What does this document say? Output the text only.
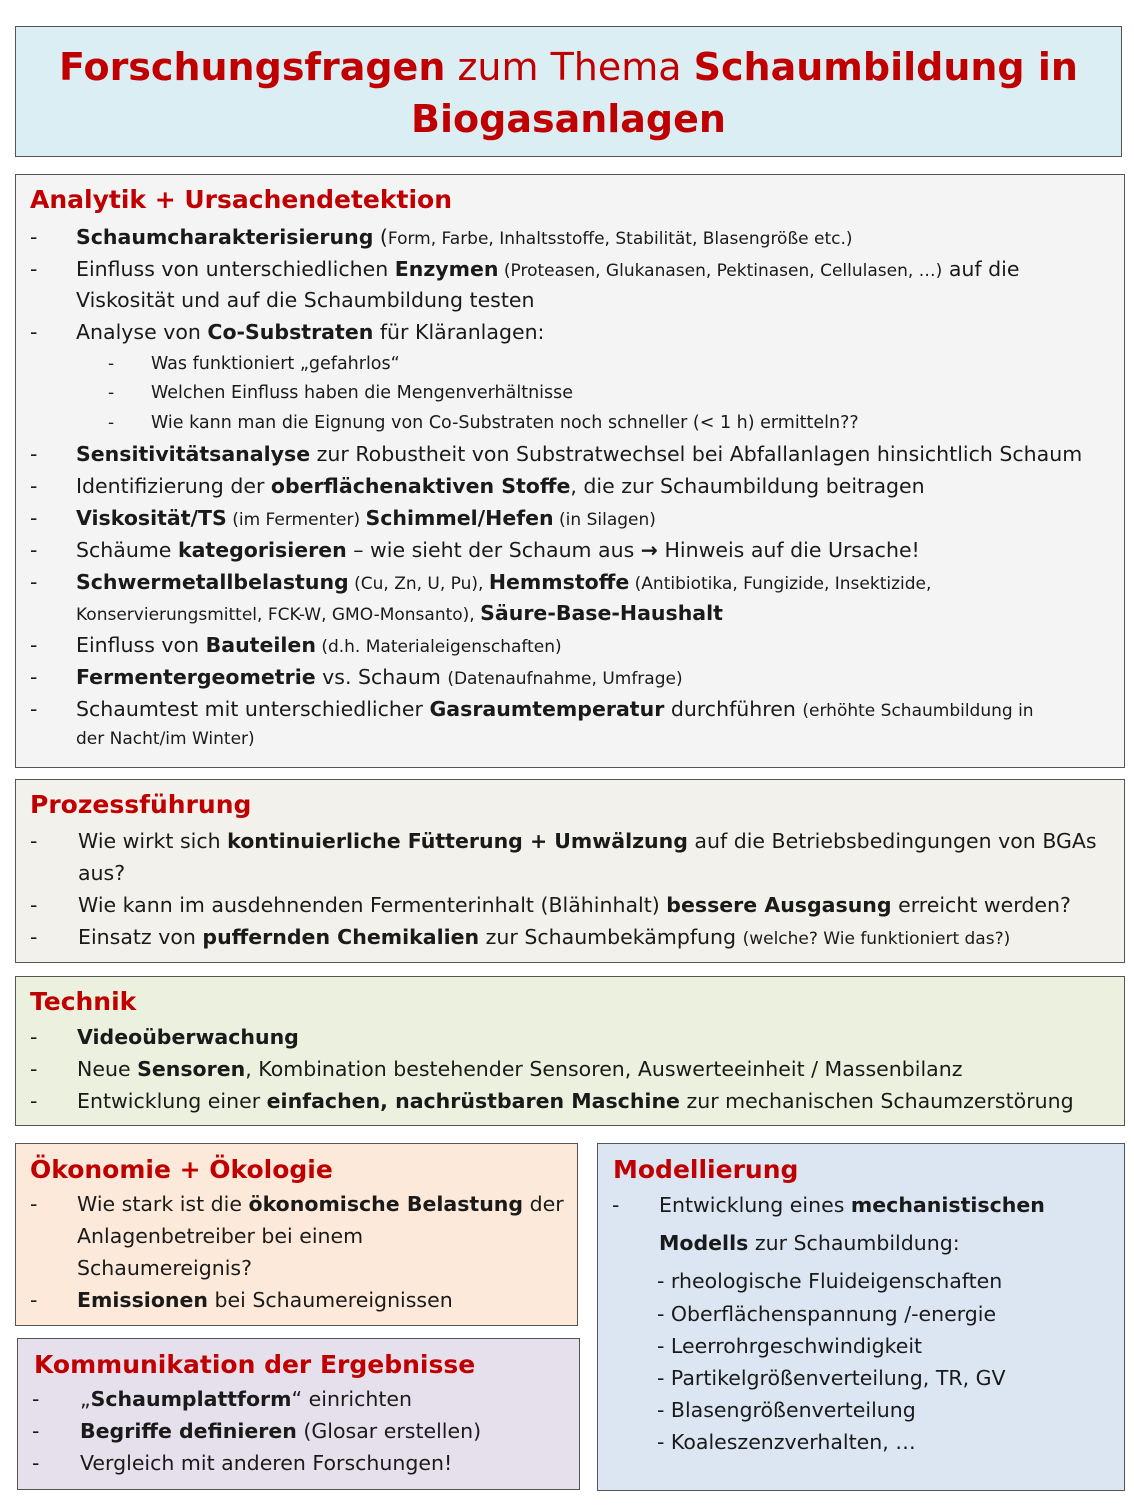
Forschungsfragen zum Thema Schaumbildung in
Biogasanlagen
Analytik + Ursachendetektion
- Schaumcharakterisierung (Form, Farbe, Inhaltsstoffe, Stabilität, Blasengröße etc.)
- Einfluss von unterschiedlichen Enzymen (Proteasen, Glukanasen, Pektinasen, Cellulasen, …) auf die
Viskosität und auf die Schaumbildung testen
- Analyse von Co-Substraten für Kläranlagen:
- Was funktioniert „gefahrlos“
- Welchen Einfluss haben die Mengenverhältnisse
- Wie kann man die Eignung von Co-Substraten noch schneller (< 1 h) ermitteln??
- Sensitivitätsanalyse zur Robustheit von Substratwechsel bei Abfallanlagen hinsichtlich Schaum
- Identifizierung der oberflächenaktiven Stoffe, die zur Schaumbildung beitragen
- Viskosität/TS (im Fermenter) Schimmel/Hefen (in Silagen)
- Schäume kategorisieren – wie sieht der Schaum aus → Hinweis auf die Ursache!
- Schwermetallbelastung (Cu, Zn, U, Pu), Hemmstoffe (Antibiotika, Fungizide, Insektizide,
Konservierungsmittel, FCK-W, GMO-Monsanto), Säure-Base-Haushalt
- Einfluss von Bauteilen (d.h. Materialeigenschaften)
- Fermentergeometrie vs. Schaum (Datenaufnahme, Umfrage)
- Schaumtest mit unterschiedlicher Gasraumtemperatur durchführen (erhöhte Schaumbildung in
der Nacht/im Winter)
Prozessführung
- Wie wirkt sich kontinuierliche Fütterung + Umwälzung auf die Betriebsbedingungen von BGAs
aus?
- Wie kann im ausdehnenden Fermenterinhalt (Blähinhalt) bessere Ausgasung erreicht werden?
- Einsatz von puffernden Chemikalien zur Schaumbekämpfung (welche? Wie funktioniert das?)
Technik
- Videoüberwachung
- Neue Sensoren, Kombination bestehender Sensoren, Auswerteeinheit / Massenbilanz
- Entwicklung einer einfachen, nachrüstbaren Maschine zur mechanischen Schaumzerstörung
Ökonomie + Ökologie
- Wie stark ist die ökonomische Belastung der
Anlagenbetreiber bei einem
Schaumereignis?
- Emissionen bei Schaumereignissen
Kommunikation der Ergebnisse
- „Schaumplattform“ einrichten
- Begriffe definieren (Glosar erstellen)
- Vergleich mit anderen Forschungen!
Modellierung
- Entwicklung eines mechanistischen
Modells zur Schaumbildung:
- rheologische Fluideigenschaften
- Oberflächenspannung /-energie
- Leerrohrgeschwindigkeit
- Partikelgrößenverteilung, TR, GV
- Blasengrößenverteilung
- Koaleszenzverhalten, …
